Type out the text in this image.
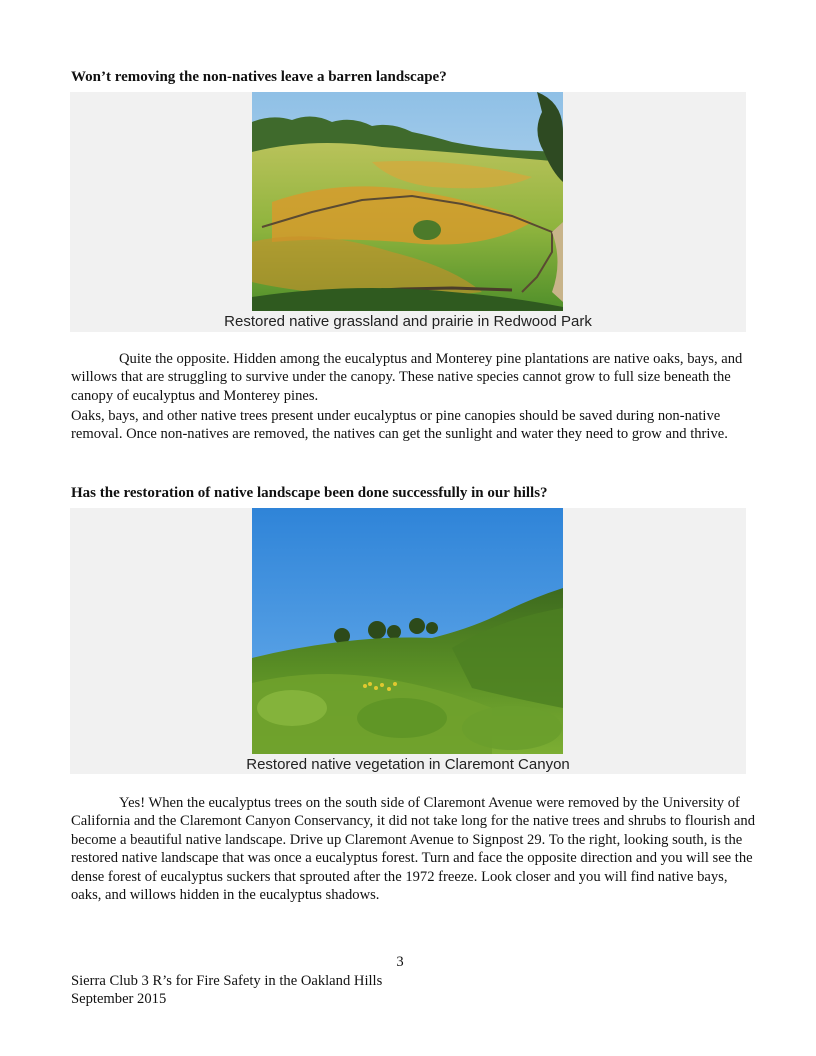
Won’t removing the non-natives leave a barren landscape?
Restored native grassland and prairie in Redwood Park

Quite the opposite. Hidden among the eucalyptus and Monterey pine plantations are native oaks, bays, and willows that are struggling to survive under the canopy. These native species cannot grow to full size beneath the canopy of eucalyptus and Monterey pines.

Oaks, bays, and other native trees present under eucalyptus or pine canopies should be saved during non-native removal. Once non-natives are removed, the natives can get the sunlight and water they need to grow and thrive.

Has the restoration of native landscape been done successfully in our hills?
Restored native vegetation in Claremont Canyon

Yes! When the eucalyptus trees on the south side of Claremont Avenue were removed by the University of California and the Claremont Canyon Conservancy, it did not take long for the native trees and shrubs to flourish and become a beautiful native landscape. Drive up Claremont Avenue to Signpost 29. To the right, looking south, is the restored native landscape that was once a eucalyptus forest. Turn and face the opposite direction and you will see the dense forest of eucalyptus suckers that sprouted after the 1972 freeze. Look closer and you will find native bays, oaks, and willows hidden in the eucalyptus shadows.

3
Sierra Club 3 R’s for Fire Safety in the Oakland Hills
September 2015
